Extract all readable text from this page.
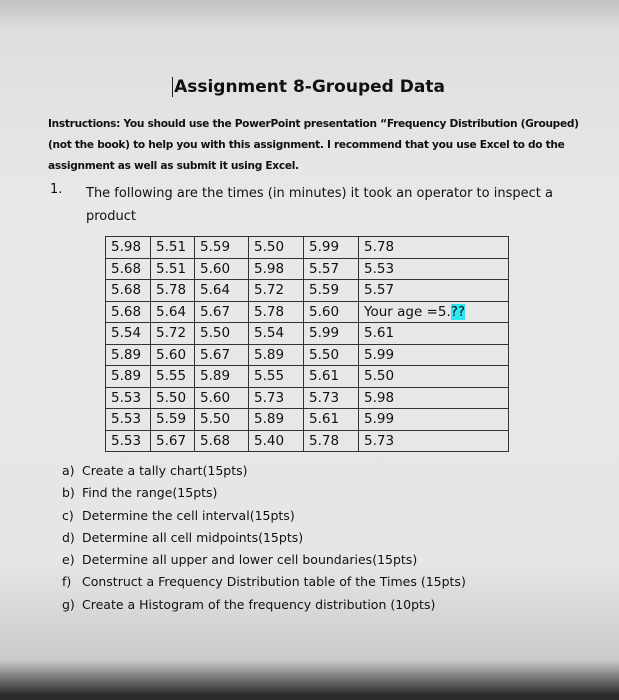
Assignment 8-Grouped Data
Instructions: You should use the PowerPoint presentation “Frequency Distribution (Grouped) (not the book) to help you with this assignment. I recommend that you use Excel to do the assignment as well as submit it using Excel.
1. The following are the times (in minutes) it took an operator to inspect a product
5.98	5.51	5.59	5.50	5.99	5.78
5.68	5.51	5.60	5.98	5.57	5.53
5.68	5.78	5.64	5.72	5.59	5.57
5.68	5.64	5.67	5.78	5.60	Your age =5.??
5.54	5.72	5.50	5.54	5.99	5.61
5.89	5.60	5.67	5.89	5.50	5.99
5.89	5.55	5.89	5.55	5.61	5.50
5.53	5.50	5.60	5.73	5.73	5.98
5.53	5.59	5.50	5.89	5.61	5.99
5.53	5.67	5.68	5.40	5.78	5.73
a) Create a tally chart(15pts)
b) Find the range(15pts)
c) Determine the cell interval(15pts)
d) Determine all cell midpoints(15pts)
e) Determine all upper and lower cell boundaries(15pts)
f) Construct a Frequency Distribution table of the Times (15pts)
g) Create a Histogram of the frequency distribution (10pts)
